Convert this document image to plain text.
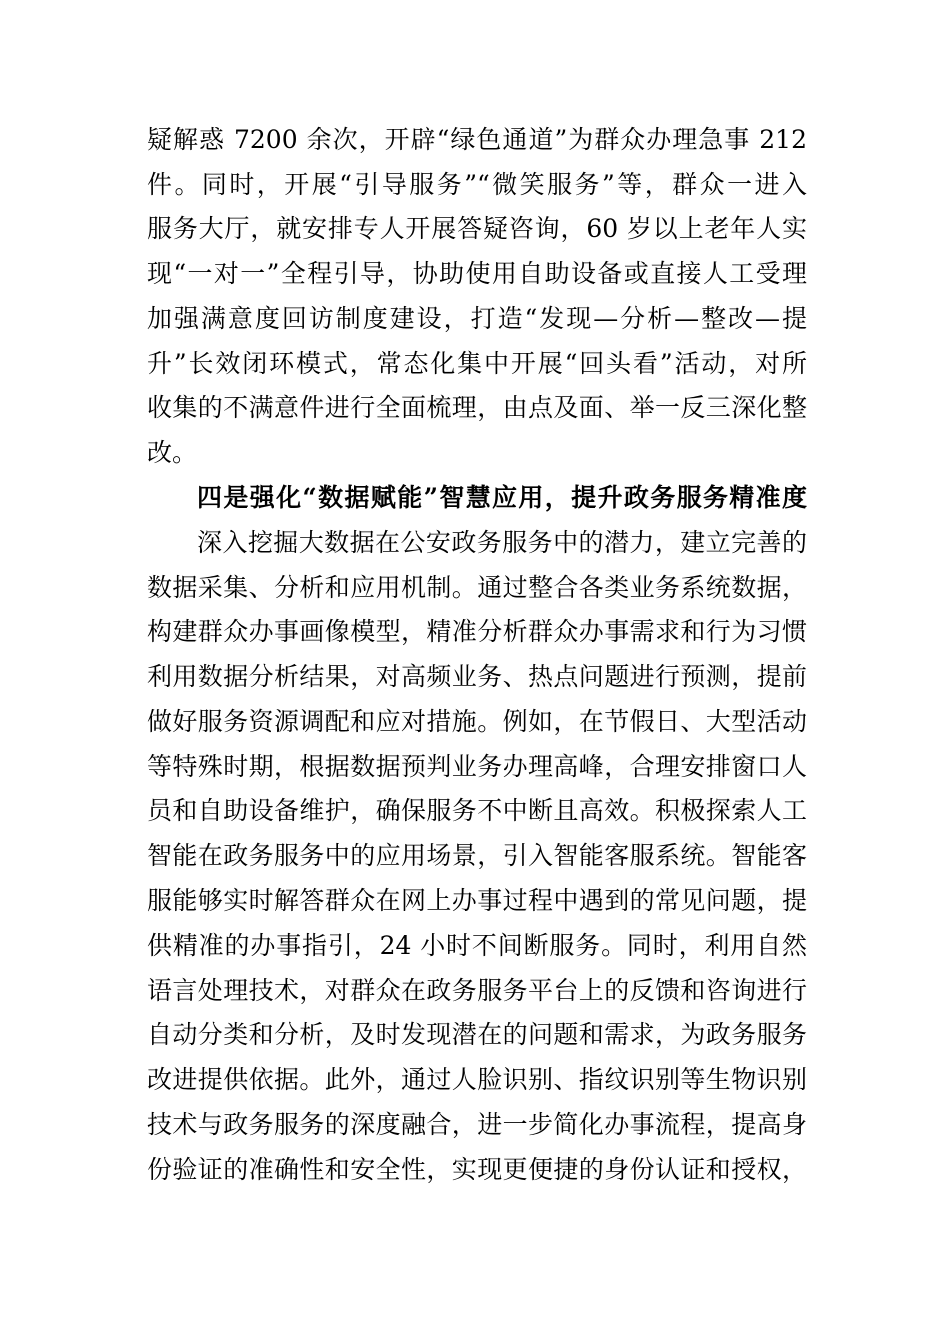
疑解惑 7200 余次，开辟“绿色通道”为群众办理急事 212
件。同时，开展“引导服务”“微笑服务”等，群众一进入
服务大厅，就安排专人开展答疑咨询，60 岁以上老年人实
现“一对一”全程引导，协助使用自助设备或直接人工受理
加强满意度回访制度建设，打造“发现—分析—整改—提
升”长效闭环模式，常态化集中开展“回头看”活动，对所
收集的不满意件进行全面梳理，由点及面、举一反三深化整
改。
四是强化“数据赋能”智慧应用，提升政务服务精准度
深入挖掘大数据在公安政务服务中的潜力，建立完善的
数据采集、分析和应用机制。通过整合各类业务系统数据，
构建群众办事画像模型，精准分析群众办事需求和行为习惯
利用数据分析结果，对高频业务、热点问题进行预测，提前
做好服务资源调配和应对措施。例如，在节假日、大型活动
等特殊时期，根据数据预判业务办理高峰，合理安排窗口人
员和自助设备维护，确保服务不中断且高效。积极探索人工
智能在政务服务中的应用场景，引入智能客服系统。智能客
服能够实时解答群众在网上办事过程中遇到的常见问题，提
供精准的办事指引，24 小时不间断服务。同时，利用自然
语言处理技术，对群众在政务服务平台上的反馈和咨询进行
自动分类和分析，及时发现潜在的问题和需求，为政务服务
改进提供依据。此外，通过人脸识别、指纹识别等生物识别
技术与政务服务的深度融合，进一步简化办事流程，提高身
份验证的准确性和安全性，实现更便捷的身份认证和授权，
